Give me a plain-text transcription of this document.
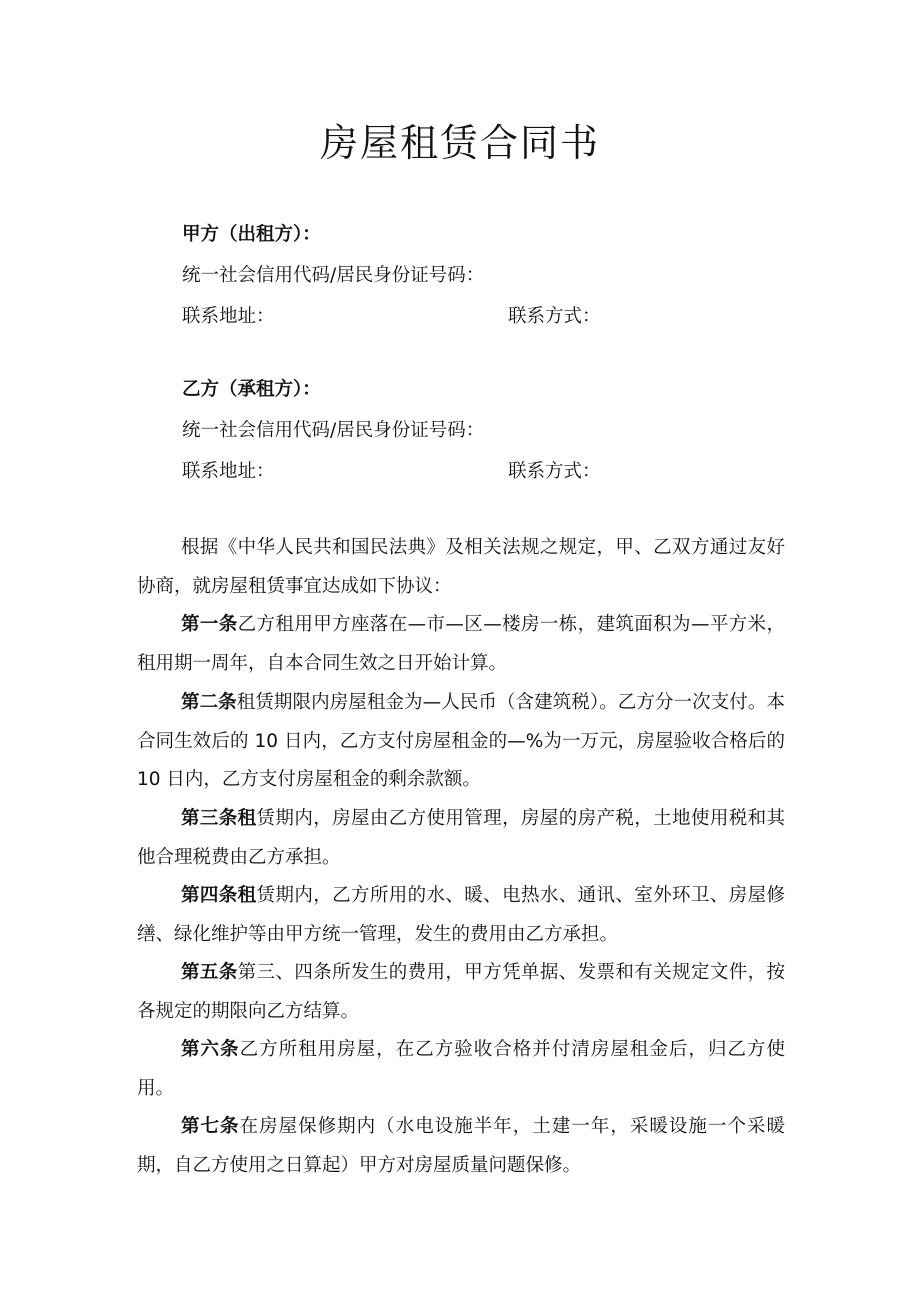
房屋租赁合同书
甲方（出租方）：
统一社会信用代码/居民身份证号码：
联系地址：	联系方式：
乙方（承租方）：
统一社会信用代码/居民身份证号码：
联系地址：	联系方式：

根据《中华人民共和国民法典》及相关法规之规定，甲、乙双方通过友好协商，就房屋租赁事宜达成如下协议：

第一条乙方租用甲方座落在—市—区—楼房一栋，建筑面积为—平方米，租用期一周年，自本合同生效之日开始计算。

第二条租赁期限内房屋租金为—人民币（含建筑税）。乙方分一次支付。本合同生效后的 10 日内，乙方支付房屋租金的—%为一万元，房屋验收合格后的 10 日内，乙方支付房屋租金的剩余款额。

第三条租赁期内，房屋由乙方使用管理，房屋的房产税，土地使用税和其他合理税费由乙方承担。

第四条租赁期内，乙方所用的水、暖、电热水、通讯、室外环卫、房屋修缮、绿化维护等由甲方统一管理，发生的费用由乙方承担。

第五条第三、四条所发生的费用，甲方凭单据、发票和有关规定文件，按各规定的期限向乙方结算。

第六条乙方所租用房屋，在乙方验收合格并付清房屋租金后，归乙方使用。

第七条在房屋保修期内（水电设施半年，土建一年，采暖设施一个采暖期，自乙方使用之日算起）甲方对房屋质量问题保修。
